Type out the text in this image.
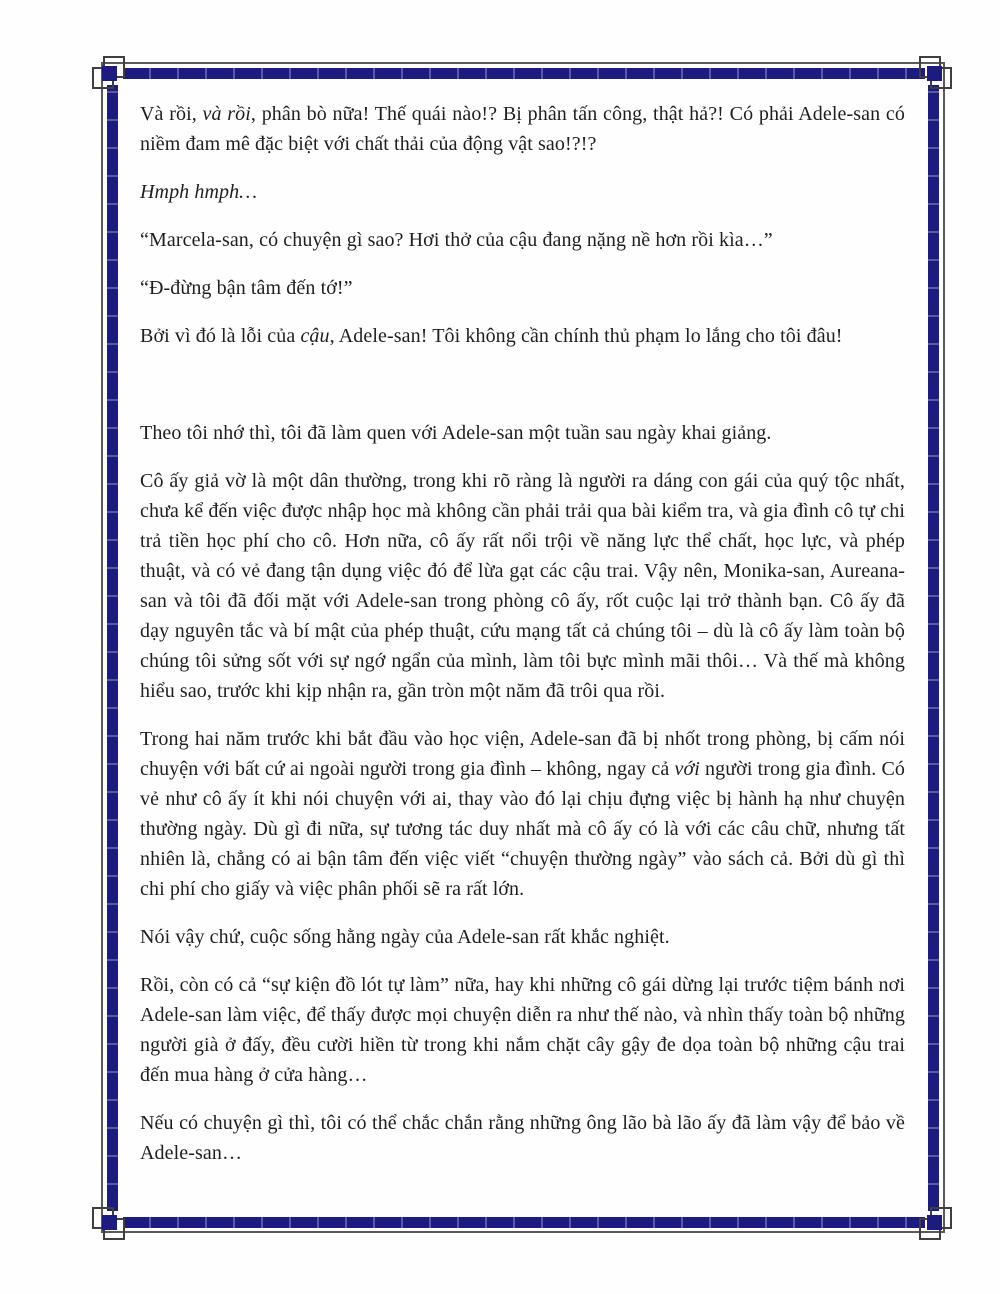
Và rồi, và rồi, phân bò nữa! Thế quái nào!? Bị phân tấn công, thật hả?! Có phải Adele-san có niềm đam mê đặc biệt với chất thải của động vật sao!?!?

Hmph hmph…

“Marcela-san, có chuyện gì sao? Hơi thở của cậu đang nặng nề hơn rồi kìa…”

“Đ-đừng bận tâm đến tớ!”

Bởi vì đó là lỗi của cậu, Adele-san! Tôi không cần chính thủ phạm lo lắng cho tôi đâu!

Theo tôi nhớ thì, tôi đã làm quen với Adele-san một tuần sau ngày khai giảng.

Cô ấy giả vờ là một dân thường, trong khi rõ ràng là người ra dáng con gái của quý tộc nhất, chưa kể đến việc được nhập học mà không cần phải trải qua bài kiểm tra, và gia đình cô tự chi trả tiền học phí cho cô. Hơn nữa, cô ấy rất nổi trội về năng lực thể chất, học lực, và phép thuật, và có vẻ đang tận dụng việc đó để lừa gạt các cậu trai. Vậy nên, Monika-san, Aureana-san và tôi đã đối mặt với Adele-san trong phòng cô ấy, rốt cuộc lại trở thành bạn. Cô ấy đã dạy nguyên tắc và bí mật của phép thuật, cứu mạng tất cả chúng tôi – dù là cô ấy làm toàn bộ chúng tôi sửng sốt với sự ngớ ngẩn của mình, làm tôi bực mình mãi thôi… Và thế mà không hiểu sao, trước khi kịp nhận ra, gần tròn một năm đã trôi qua rồi.

Trong hai năm trước khi bắt đầu vào học viện, Adele-san đã bị nhốt trong phòng, bị cấm nói chuyện với bất cứ ai ngoài người trong gia đình – không, ngay cả với người trong gia đình. Có vẻ như cô ấy ít khi nói chuyện với ai, thay vào đó lại chịu đựng việc bị hành hạ như chuyện thường ngày. Dù gì đi nữa, sự tương tác duy nhất mà cô ấy có là với các câu chữ, nhưng tất nhiên là, chẳng có ai bận tâm đến việc viết “chuyện thường ngày” vào sách cả. Bởi dù gì thì chi phí cho giấy và việc phân phối sẽ ra rất lớn.

Nói vậy chứ, cuộc sống hằng ngày của Adele-san rất khắc nghiệt.

Rồi, còn có cả “sự kiện đồ lót tự làm” nữa, hay khi những cô gái dừng lại trước tiệm bánh nơi Adele-san làm việc, để thấy được mọi chuyện diễn ra như thế nào, và nhìn thấy toàn bộ những người già ở đấy, đều cười hiền từ trong khi nắm chặt cây gậy đe dọa toàn bộ những cậu trai đến mua hàng ở cửa hàng…

Nếu có chuyện gì thì, tôi có thể chắc chắn rằng những ông lão bà lão ấy đã làm vậy để bảo về Adele-san…
